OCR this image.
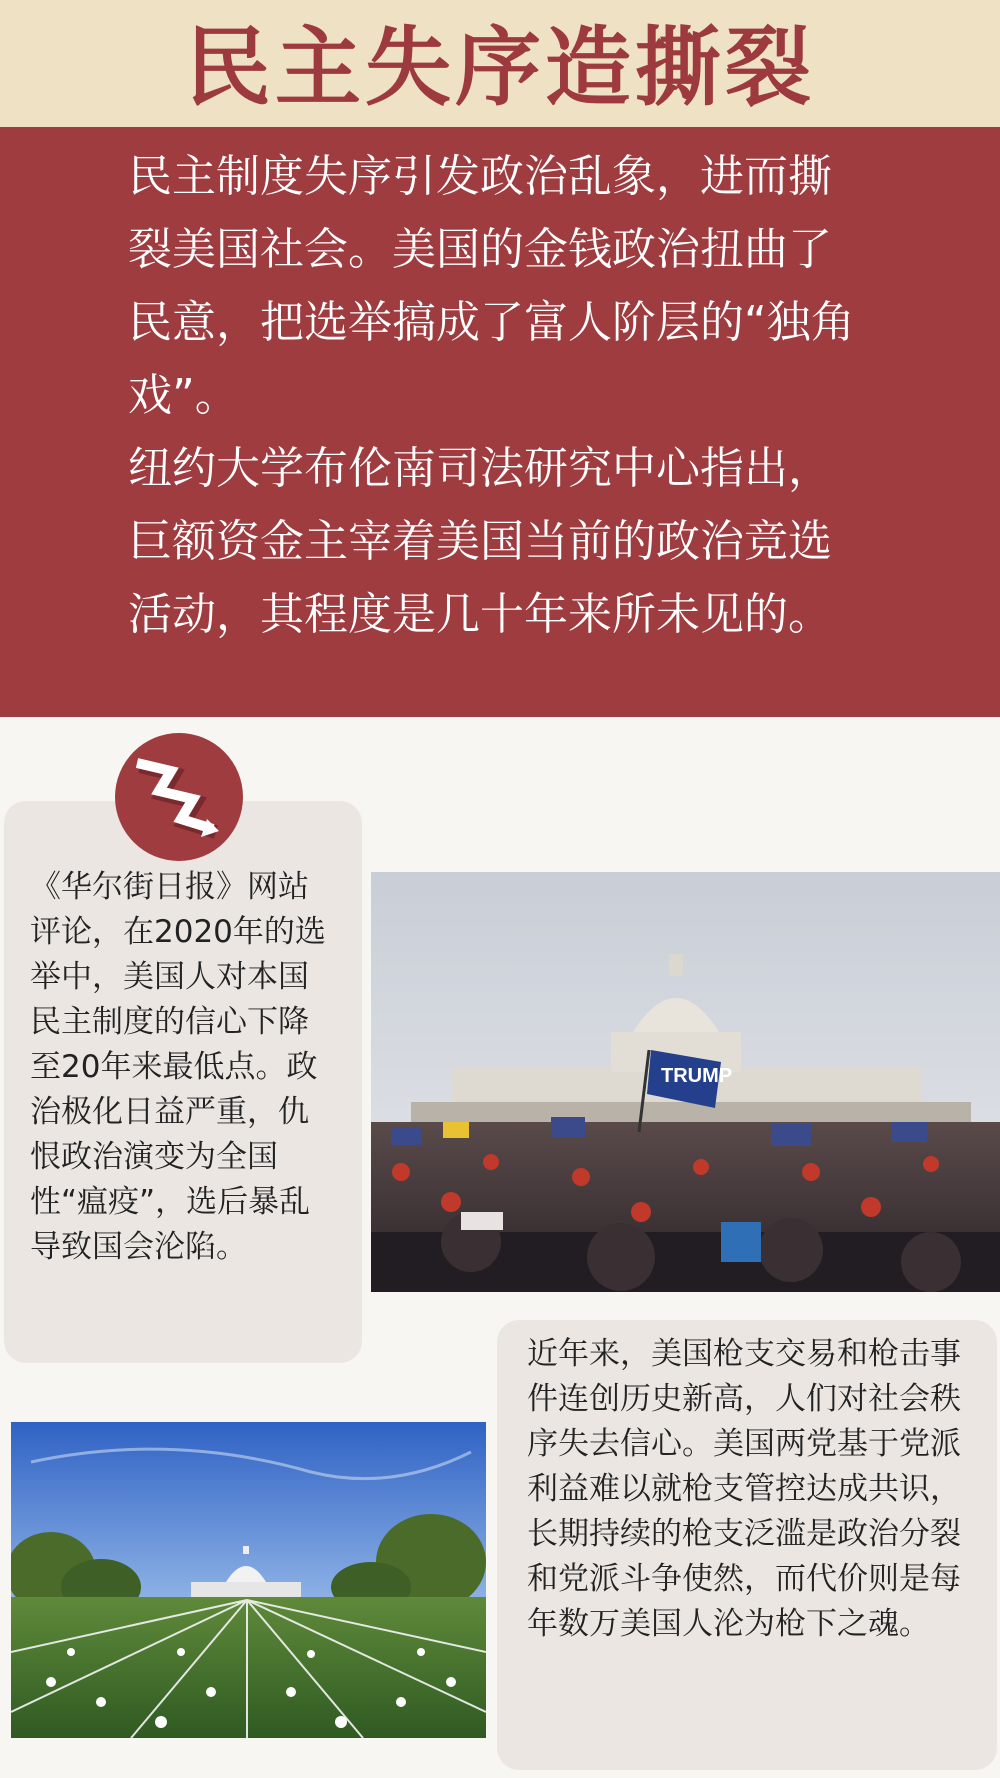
民主失序造撕裂

民主制度失序引发政治乱象，进而撕裂美国社会。美国的金钱政治扭曲了民意，把选举搞成了富人阶层的“独角戏”。

纽约大学布伦南司法研究中心指出，巨额资金主宰着美国当前的政治竞选活动，其程度是几十年来所未见的。

《华尔街日报》网站评论，在2020年的选举中，美国人对本国民主制度的信心下降至20年来最低点。政治极化日益严重，仇恨政治演变为全国性“瘟疫”，选后暴乱导致国会沦陷。

TRUMP

近年来，美国枪支交易和枪击事件连创历史新高，人们对社会秩序失去信心。美国两党基于党派利益难以就枪支管控达成共识，长期持续的枪支泛滥是政治分裂和党派斗争使然，而代价则是每年数万美国人沦为枪下之魂。
